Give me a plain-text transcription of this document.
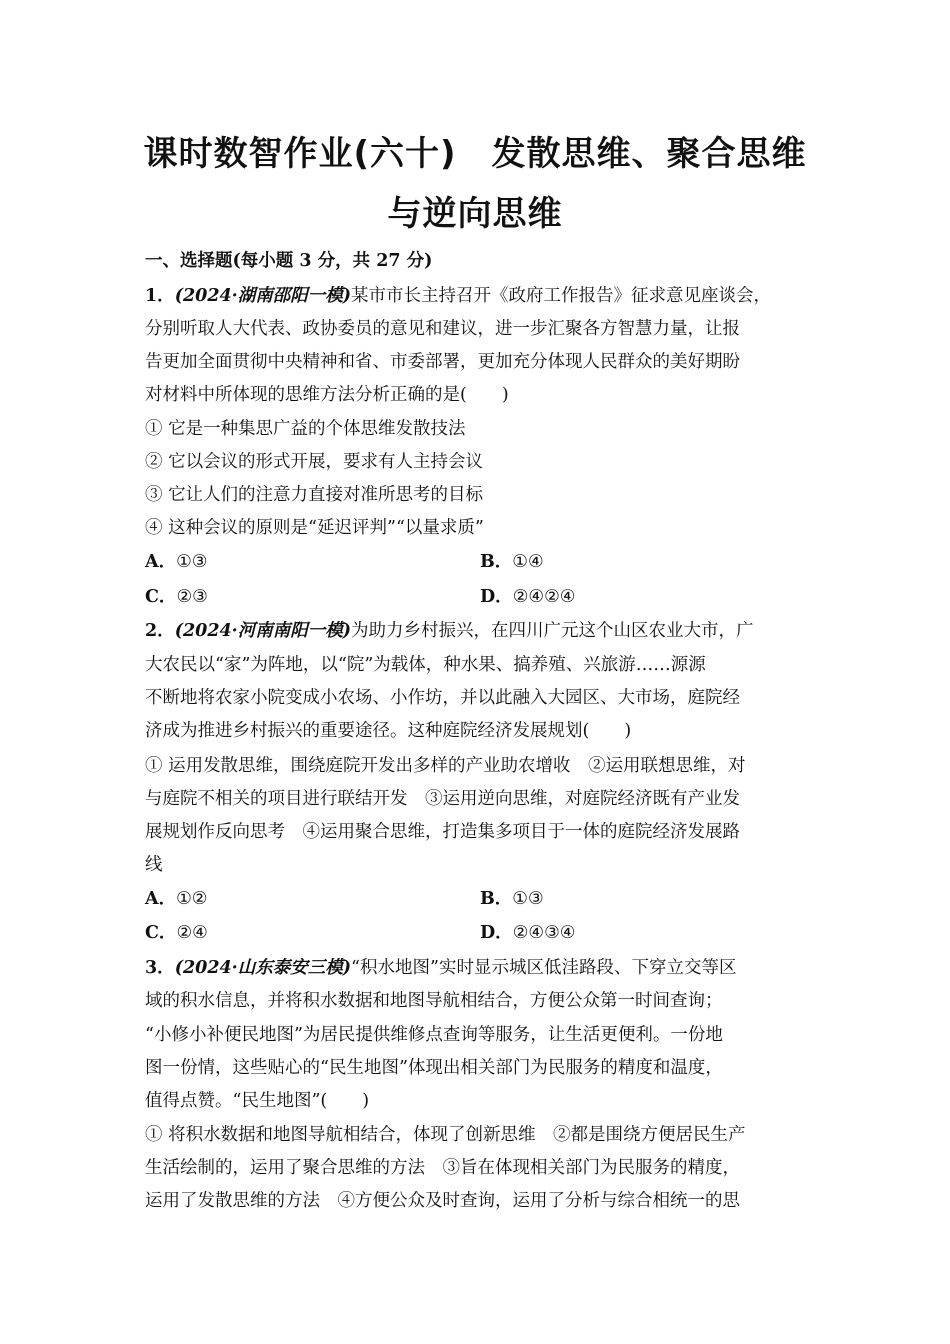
课时数智作业(六十)　发散思维、聚合思维
与逆向思维
一、选择题(每小题 3 分，共 27 分)
1．(2024·湖南邵阳一模)某市市长主持召开《政府工作报告》征求意见座谈会，
分别听取人大代表、政协委员的意见和建议，进一步汇聚各方智慧力量，让报
告更加全面贯彻中央精神和省、市委部署，更加充分体现人民群众的美好期盼
对材料中所体现的思维方法分析正确的是(　　)
① 它是一种集思广益的个体思维发散技法
② 它以会议的形式开展，要求有人主持会议
③ 它让人们的注意力直接对准所思考的目标
④ 这种会议的原则是“延迟评判”“以量求质”
A．①③	B．①④
C．②③	D．②④②④
2．(2024·河南南阳一模)为助力乡村振兴，在四川广元这个山区农业大市，广
大农民以“家”为阵地，以“院”为载体，种水果、搞养殖、兴旅游……源源
不断地将农家小院变成小农场、小作坊，并以此融入大园区、大市场，庭院经
济成为推进乡村振兴的重要途径。这种庭院经济发展规划(　　)
① 运用发散思维，围绕庭院开发出多样的产业助农增收　②运用联想思维，对
与庭院不相关的项目进行联结开发　③运用逆向思维，对庭院经济既有产业发
展规划作反向思考　④运用聚合思维，打造集多项目于一体的庭院经济发展路
线
A．①②	B．①③
C．②④	D．②④③④
3．(2024·山东泰安三模)“积水地图”实时显示城区低洼路段、下穿立交等区
域的积水信息，并将积水数据和地图导航相结合，方便公众第一时间查询；
“小修小补便民地图”为居民提供维修点查询等服务，让生活更便利。一份地
图一份情，这些贴心的“民生地图”体现出相关部门为民服务的精度和温度，
值得点赞。“民生地图”(　　)
① 将积水数据和地图导航相结合，体现了创新思维　②都是围绕方便居民生产
生活绘制的，运用了聚合思维的方法　③旨在体现相关部门为民服务的精度，
运用了发散思维的方法　④方便公众及时查询，运用了分析与综合相统一的思
